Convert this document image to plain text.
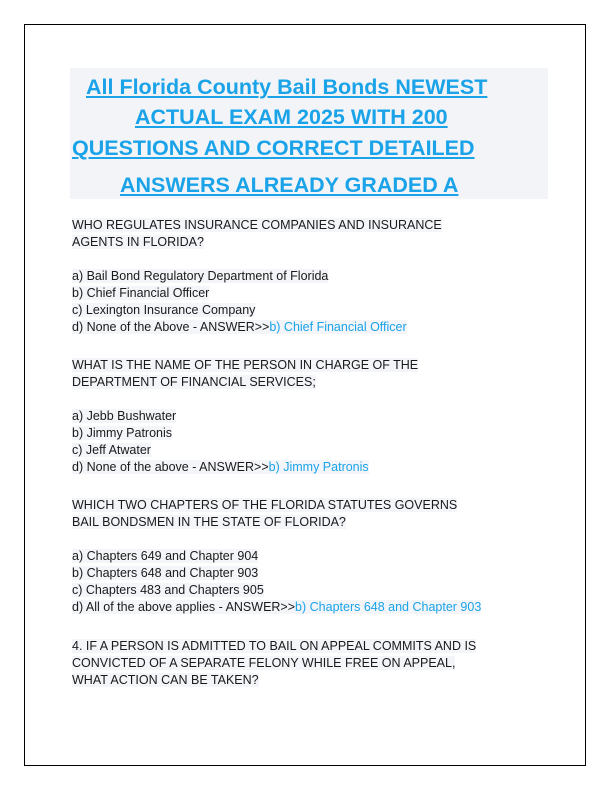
All Florida County Bail Bonds NEWEST
ACTUAL EXAM 2025 WITH 200
QUESTIONS AND CORRECT DETAILED
ANSWERS ALREADY GRADED A
WHO REGULATES INSURANCE COMPANIES AND INSURANCE
AGENTS IN FLORIDA?

a) Bail Bond Regulatory Department of Florida
b) Chief Financial Officer
c) Lexington Insurance Company
d) None of the Above - ANSWER>>b) Chief Financial Officer
WHAT IS THE NAME OF THE PERSON IN CHARGE OF THE
DEPARTMENT OF FINANCIAL SERVICES;

a) Jebb Bushwater
b) Jimmy Patronis
c) Jeff Atwater
d) None of the above - ANSWER>>b) Jimmy Patronis
WHICH TWO CHAPTERS OF THE FLORIDA STATUTES GOVERNS
BAIL BONDSMEN IN THE STATE OF FLORIDA?

a) Chapters 649 and Chapter 904
b) Chapters 648 and Chapter 903
c) Chapters 483 and Chapters 905
d) All of the above applies - ANSWER>>b) Chapters 648 and Chapter 903
4. IF A PERSON IS ADMITTED TO BAIL ON APPEAL COMMITS AND IS
CONVICTED OF A SEPARATE FELONY WHILE FREE ON APPEAL,
WHAT ACTION CAN BE TAKEN?
